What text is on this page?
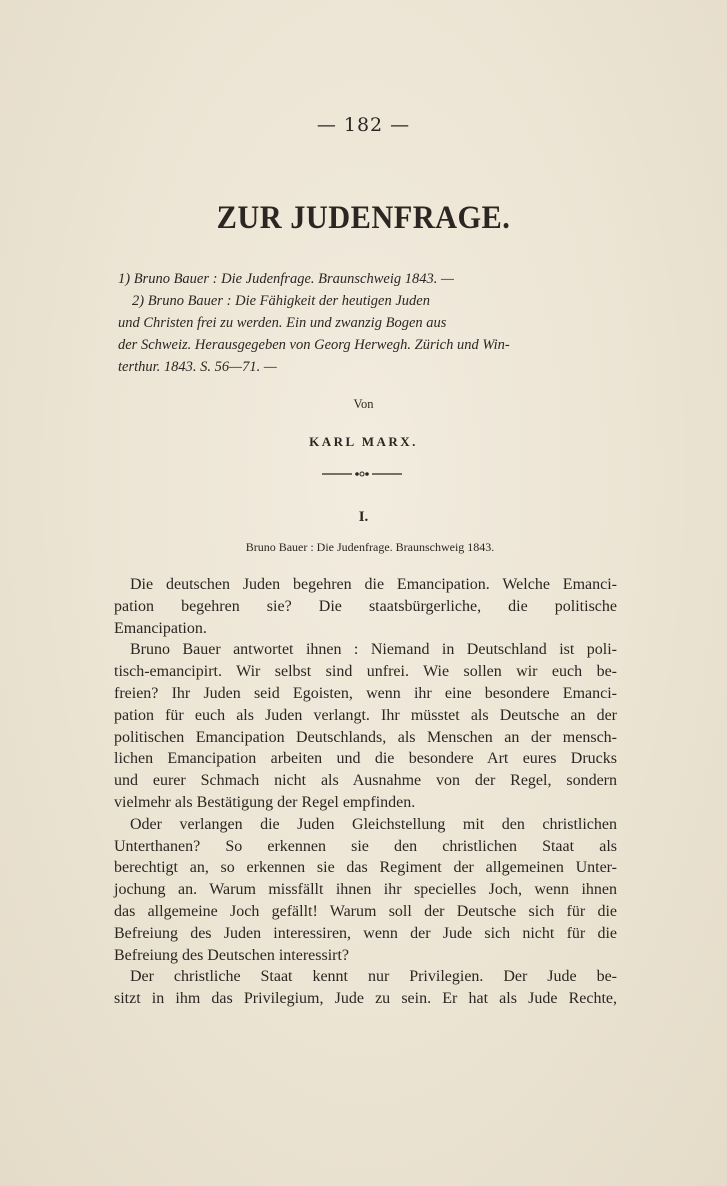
— 182 —
ZUR JUDENFRAGE.
1) Bruno Bauer : Die Judenfrage. Braunschweig 1843. —
2) Bruno Bauer : Die Fähigkeit der heutigen Juden
und Christen frei zu werden. Ein und zwanzig Bogen aus
der Schweiz. Herausgegeben von Georg Herwegh. Zürich und Win-
terthur. 1843. S. 56—71. —
Von
KARL MARX.
I.
Bruno Bauer : Die Judenfrage. Braunschweig 1843.
Die deutschen Juden begehren die Emancipation. Welche Emanci-
pation begehren sie? Die staatsbürgerliche, die politische
Emancipation.
Bruno Bauer antwortet ihnen : Niemand in Deutschland ist poli-
tisch-emancipirt. Wir selbst sind unfrei. Wie sollen wir euch be-
freien? Ihr Juden seid Egoisten, wenn ihr eine besondere Emanci-
pation für euch als Juden verlangt. Ihr müsstet als Deutsche an der
politischen Emancipation Deutschlands, als Menschen an der mensch-
lichen Emancipation arbeiten und die besondere Art eures Drucks
und eurer Schmach nicht als Ausnahme von der Regel, sondern
vielmehr als Bestätigung der Regel empfinden.
Oder verlangen die Juden Gleichstellung mit den christlichen
Unterthanen? So erkennen sie den christlichen Staat als
berechtigt an, so erkennen sie das Regiment der allgemeinen Unter-
jochung an. Warum missfällt ihnen ihr specielles Joch, wenn ihnen
das allgemeine Joch gefällt! Warum soll der Deutsche sich für die
Befreiung des Juden interessiren, wenn der Jude sich nicht für die
Befreiung des Deutschen interessirt?
Der christliche Staat kennt nur Privilegien. Der Jude be-
sitzt in ihm das Privilegium, Jude zu sein. Er hat als Jude Rechte,
